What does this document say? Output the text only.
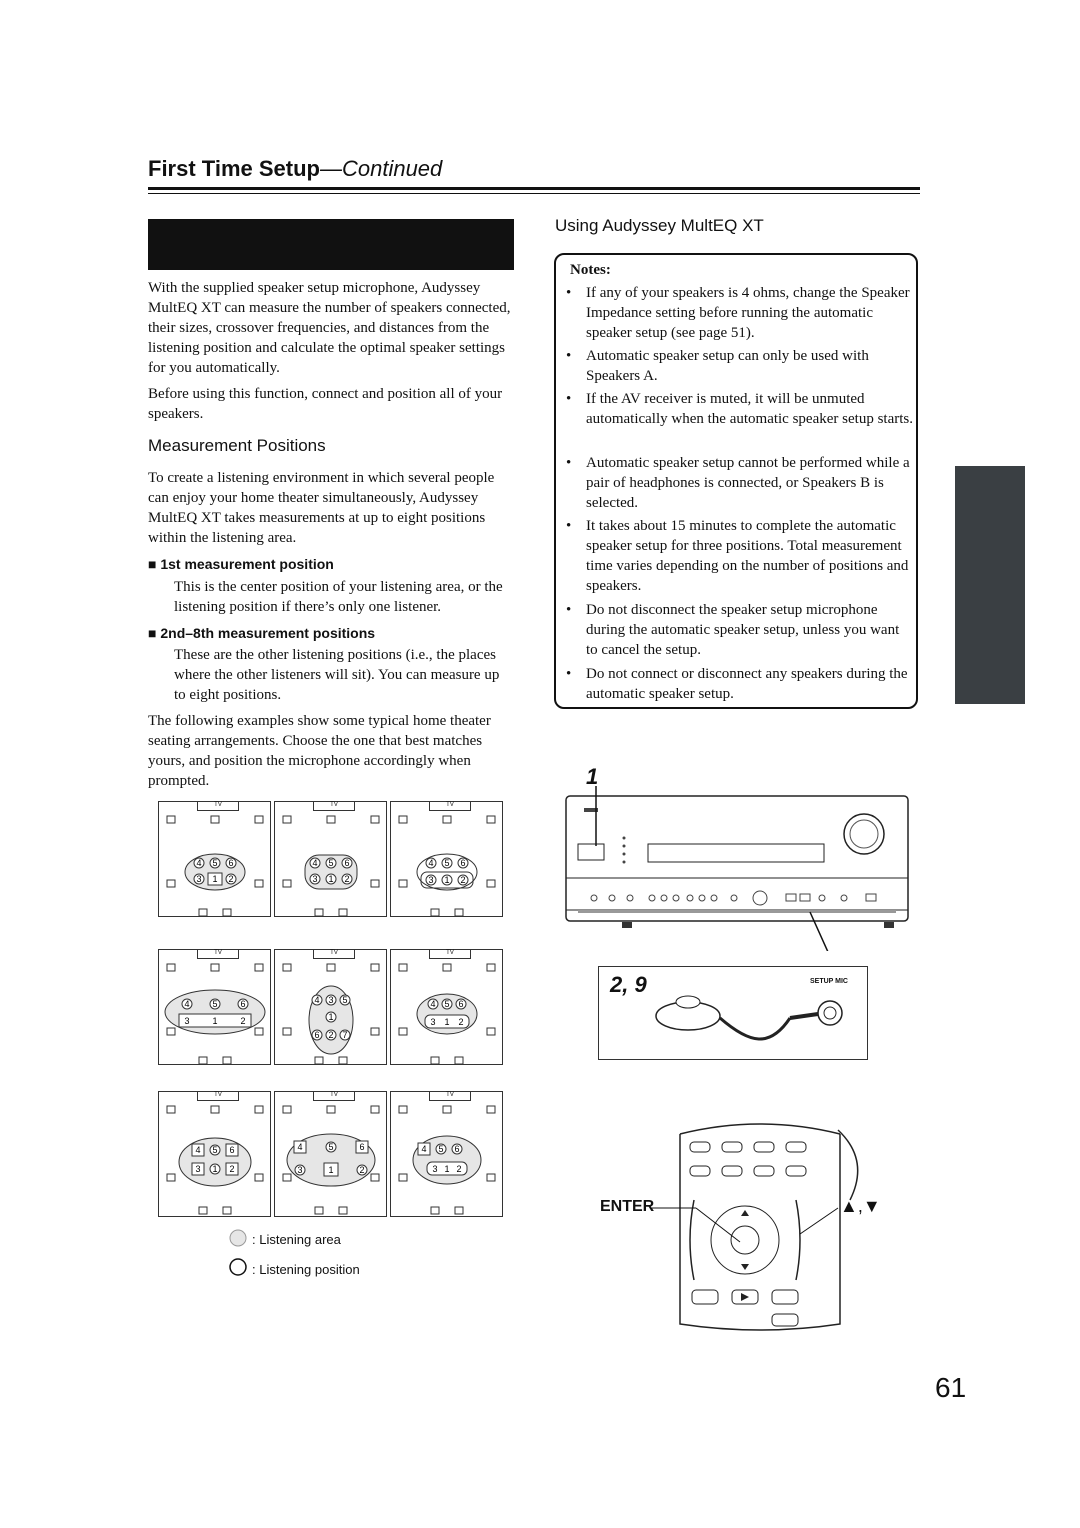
First Time Setup—Continued
With the supplied speaker setup microphone, Audyssey MultEQ XT can measure the number of speakers connected, their sizes, crossover frequencies, and distances from the listening position and calculate the optimal speaker settings for you automatically.
Before using this function, connect and position all of your speakers.
Measurement Positions
To create a listening environment in which several people can enjoy your home theater simultaneously, Audyssey MultEQ XT takes measurements at up to eight positions within the listening area.
■ 1st measurement position
This is the center position of your listening area, or the listening position if there’s only one listener.
■ 2nd–8th measurement positions
These are the other listening positions (i.e., the places where the other listeners will sit). You can measure up to eight positions.
The following examples show some typical home theater seating arrangements. Choose the one that best matches yours, and position the microphone accordingly when prompted.
TV
4 5 6
3 1 2
TV
4 5 6
3 1 2
TV
4 5 6
3 1 2
TV
4	5	6
3	1	2
TV
4 3 5
1
6 2 7
TV
4 5 6
3 1 2
TV
4 5 6
3 1 2
TV
4	5	6
3	1	2
TV
4 5 6
3 1 2
: Listening area
: Listening position
Using Audyssey MultEQ XT
Notes:
• If any of your speakers is 4 ohms, change the Speaker Impedance setting before running the automatic speaker setup (see page 51).
• Automatic speaker setup can only be used with Speakers A.
• If the AV receiver is muted, it will be unmuted automatically when the automatic speaker setup starts.
• Automatic speaker setup cannot be performed while a pair of headphones is connected, or Speakers B is selected.
• It takes about 15 minutes to complete the automatic speaker setup for three positions. Total measurement time varies depending on the number of positions and speakers.
• Do not disconnect the speaker setup microphone during the automatic speaker setup, unless you want to cancel the setup.
• Do not connect or disconnect any speakers during the automatic speaker setup.
1
2, 9	SETUP MIC
ENTER	▲,▼
61
